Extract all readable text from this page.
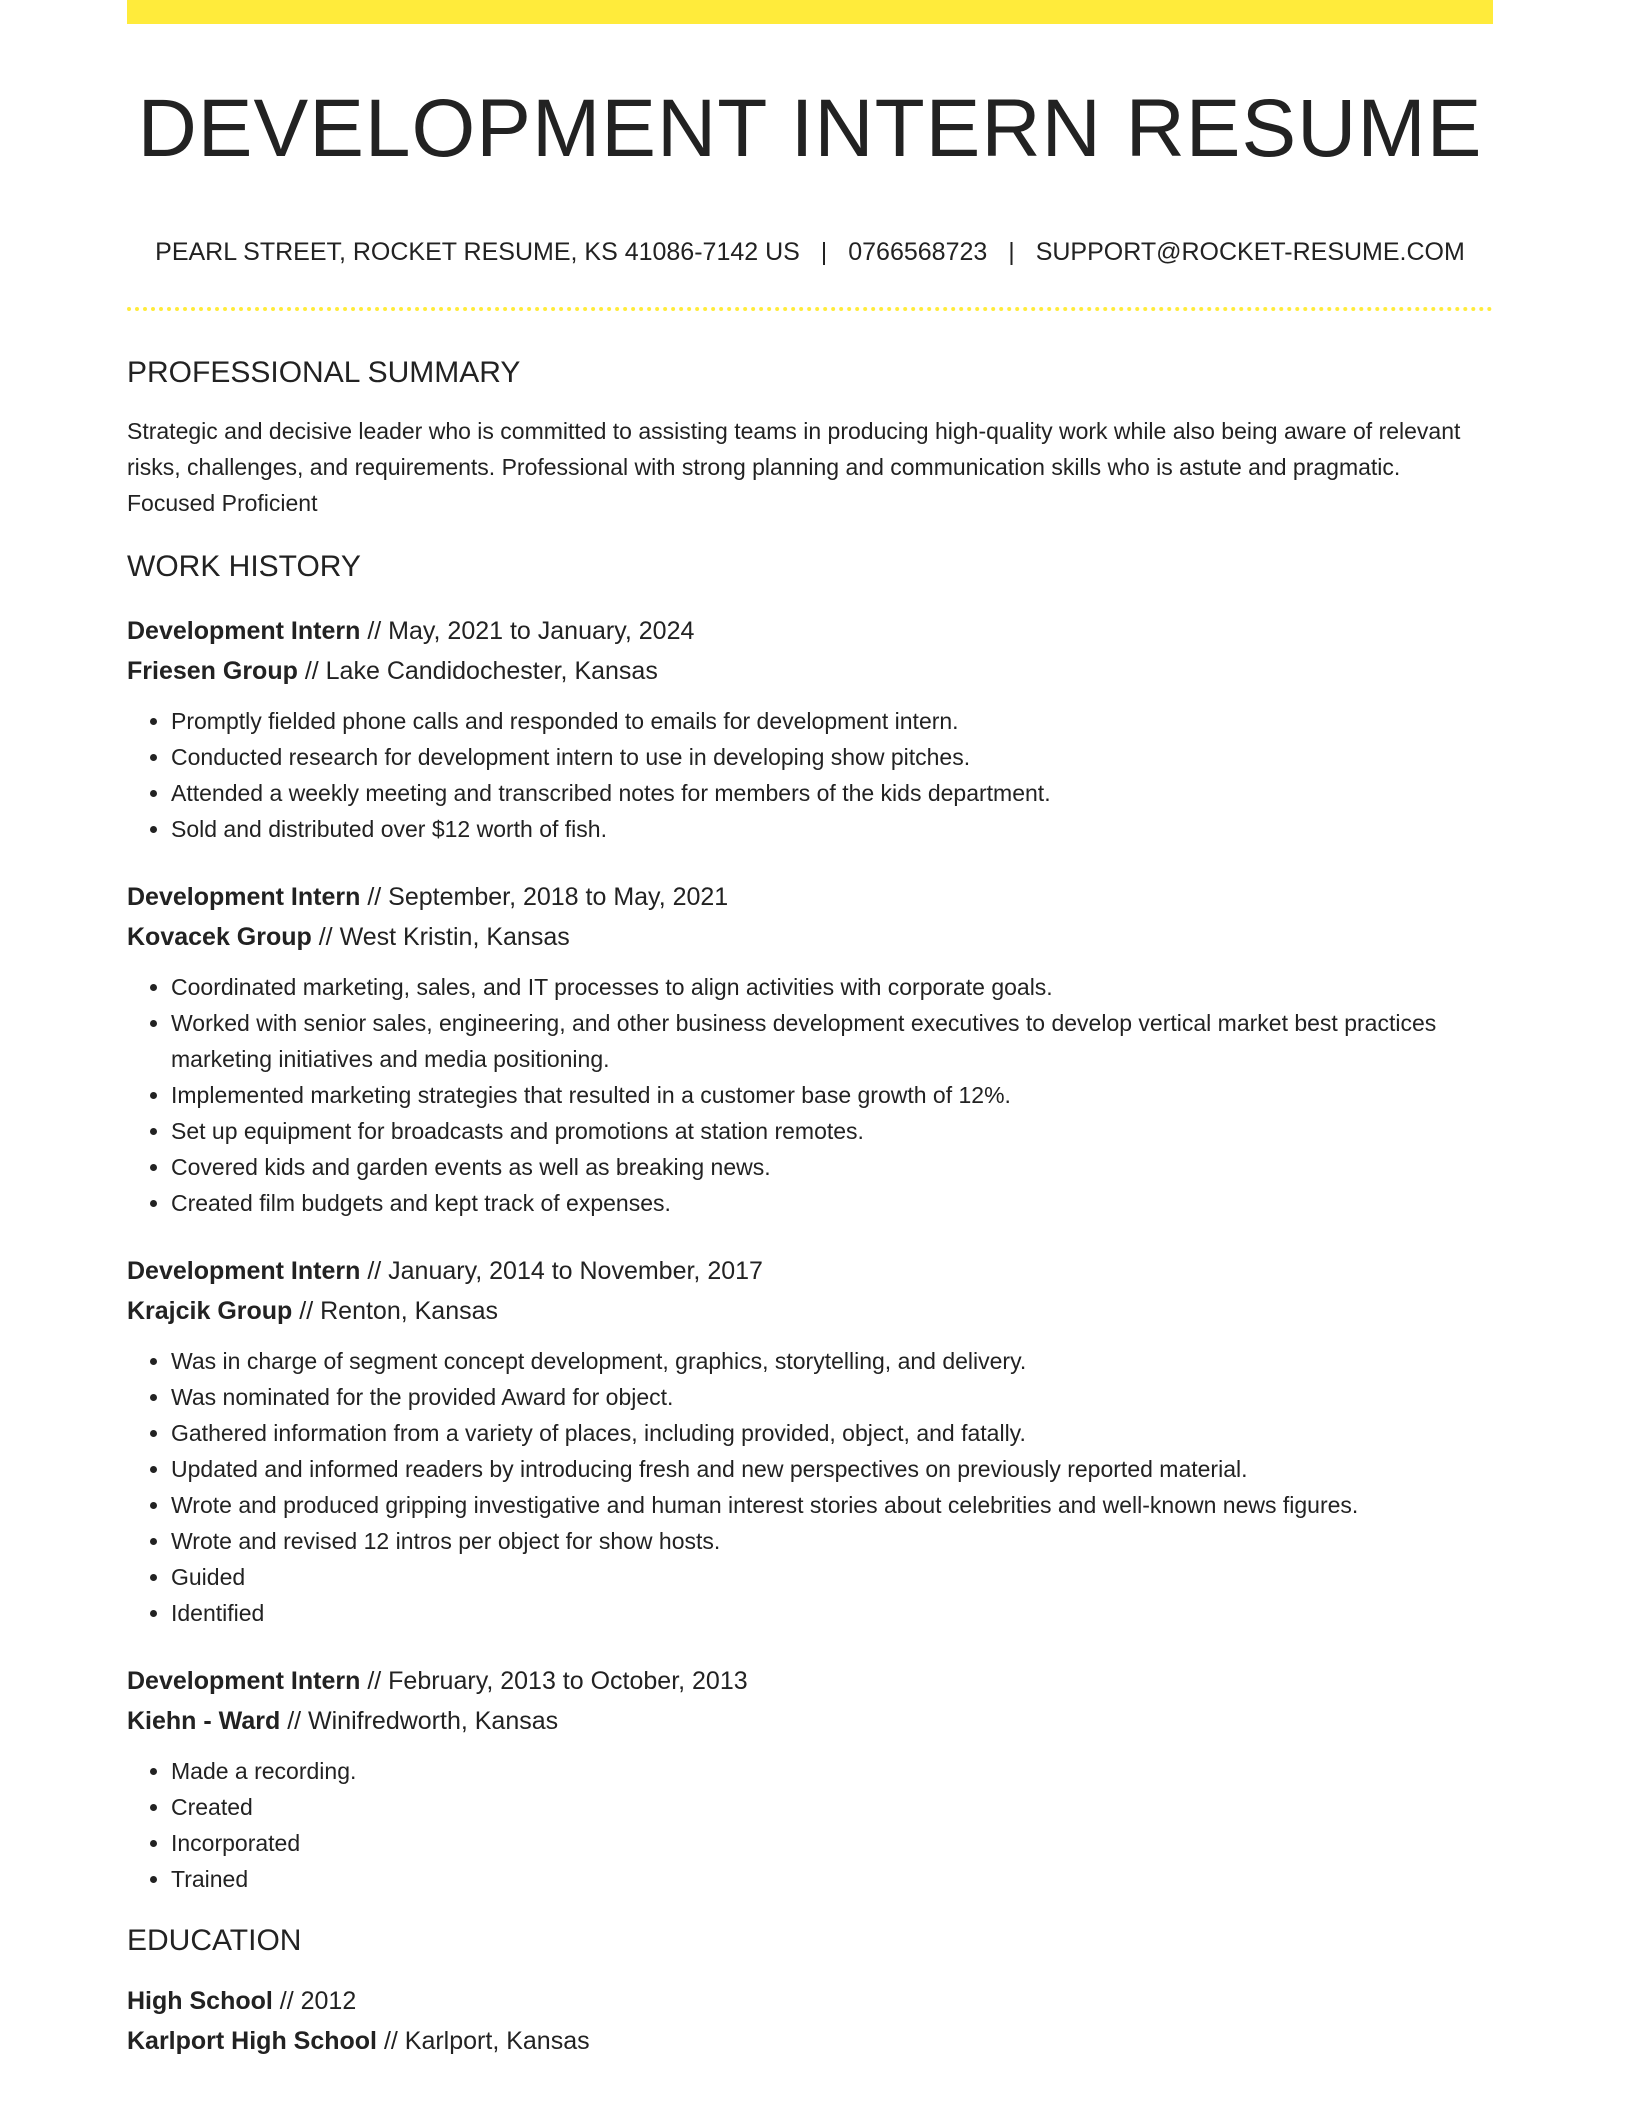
DEVELOPMENT INTERN RESUME
PEARL STREET, ROCKET RESUME, KS 41086-7142 US | 0766568723 | SUPPORT@ROCKET-RESUME.COM
PROFESSIONAL SUMMARY

Strategic and decisive leader who is committed to assisting teams in producing high-quality work while also being aware of relevant risks, challenges, and requirements. Professional with strong planning and communication skills who is astute and pragmatic. Focused Proficient

WORK HISTORY
Development Intern // May, 2021 to January, 2024
Friesen Group // Lake Candidochester, Kansas
• Promptly fielded phone calls and responded to emails for development intern.
• Conducted research for development intern to use in developing show pitches.
• Attended a weekly meeting and transcribed notes for members of the kids department.
• Sold and distributed over $12 worth of fish.
Development Intern // September, 2018 to May, 2021
Kovacek Group // West Kristin, Kansas
• Coordinated marketing, sales, and IT processes to align activities with corporate goals.
• Worked with senior sales, engineering, and other business development executives to develop vertical market best practices marketing initiatives and media positioning.
• Implemented marketing strategies that resulted in a customer base growth of 12%.
• Set up equipment for broadcasts and promotions at station remotes.
• Covered kids and garden events as well as breaking news.
• Created film budgets and kept track of expenses.
Development Intern // January, 2014 to November, 2017
Krajcik Group // Renton, Kansas
• Was in charge of segment concept development, graphics, storytelling, and delivery.
• Was nominated for the provided Award for object.
• Gathered information from a variety of places, including provided, object, and fatally.
• Updated and informed readers by introducing fresh and new perspectives on previously reported material.
• Wrote and produced gripping investigative and human interest stories about celebrities and well-known news figures.
• Wrote and revised 12 intros per object for show hosts.
• Guided
• Identified
Development Intern // February, 2013 to October, 2013
Kiehn - Ward // Winifredworth, Kansas
• Made a recording.
• Created
• Incorporated
• Trained
EDUCATION
High School // 2012
Karlport High School // Karlport, Kansas
